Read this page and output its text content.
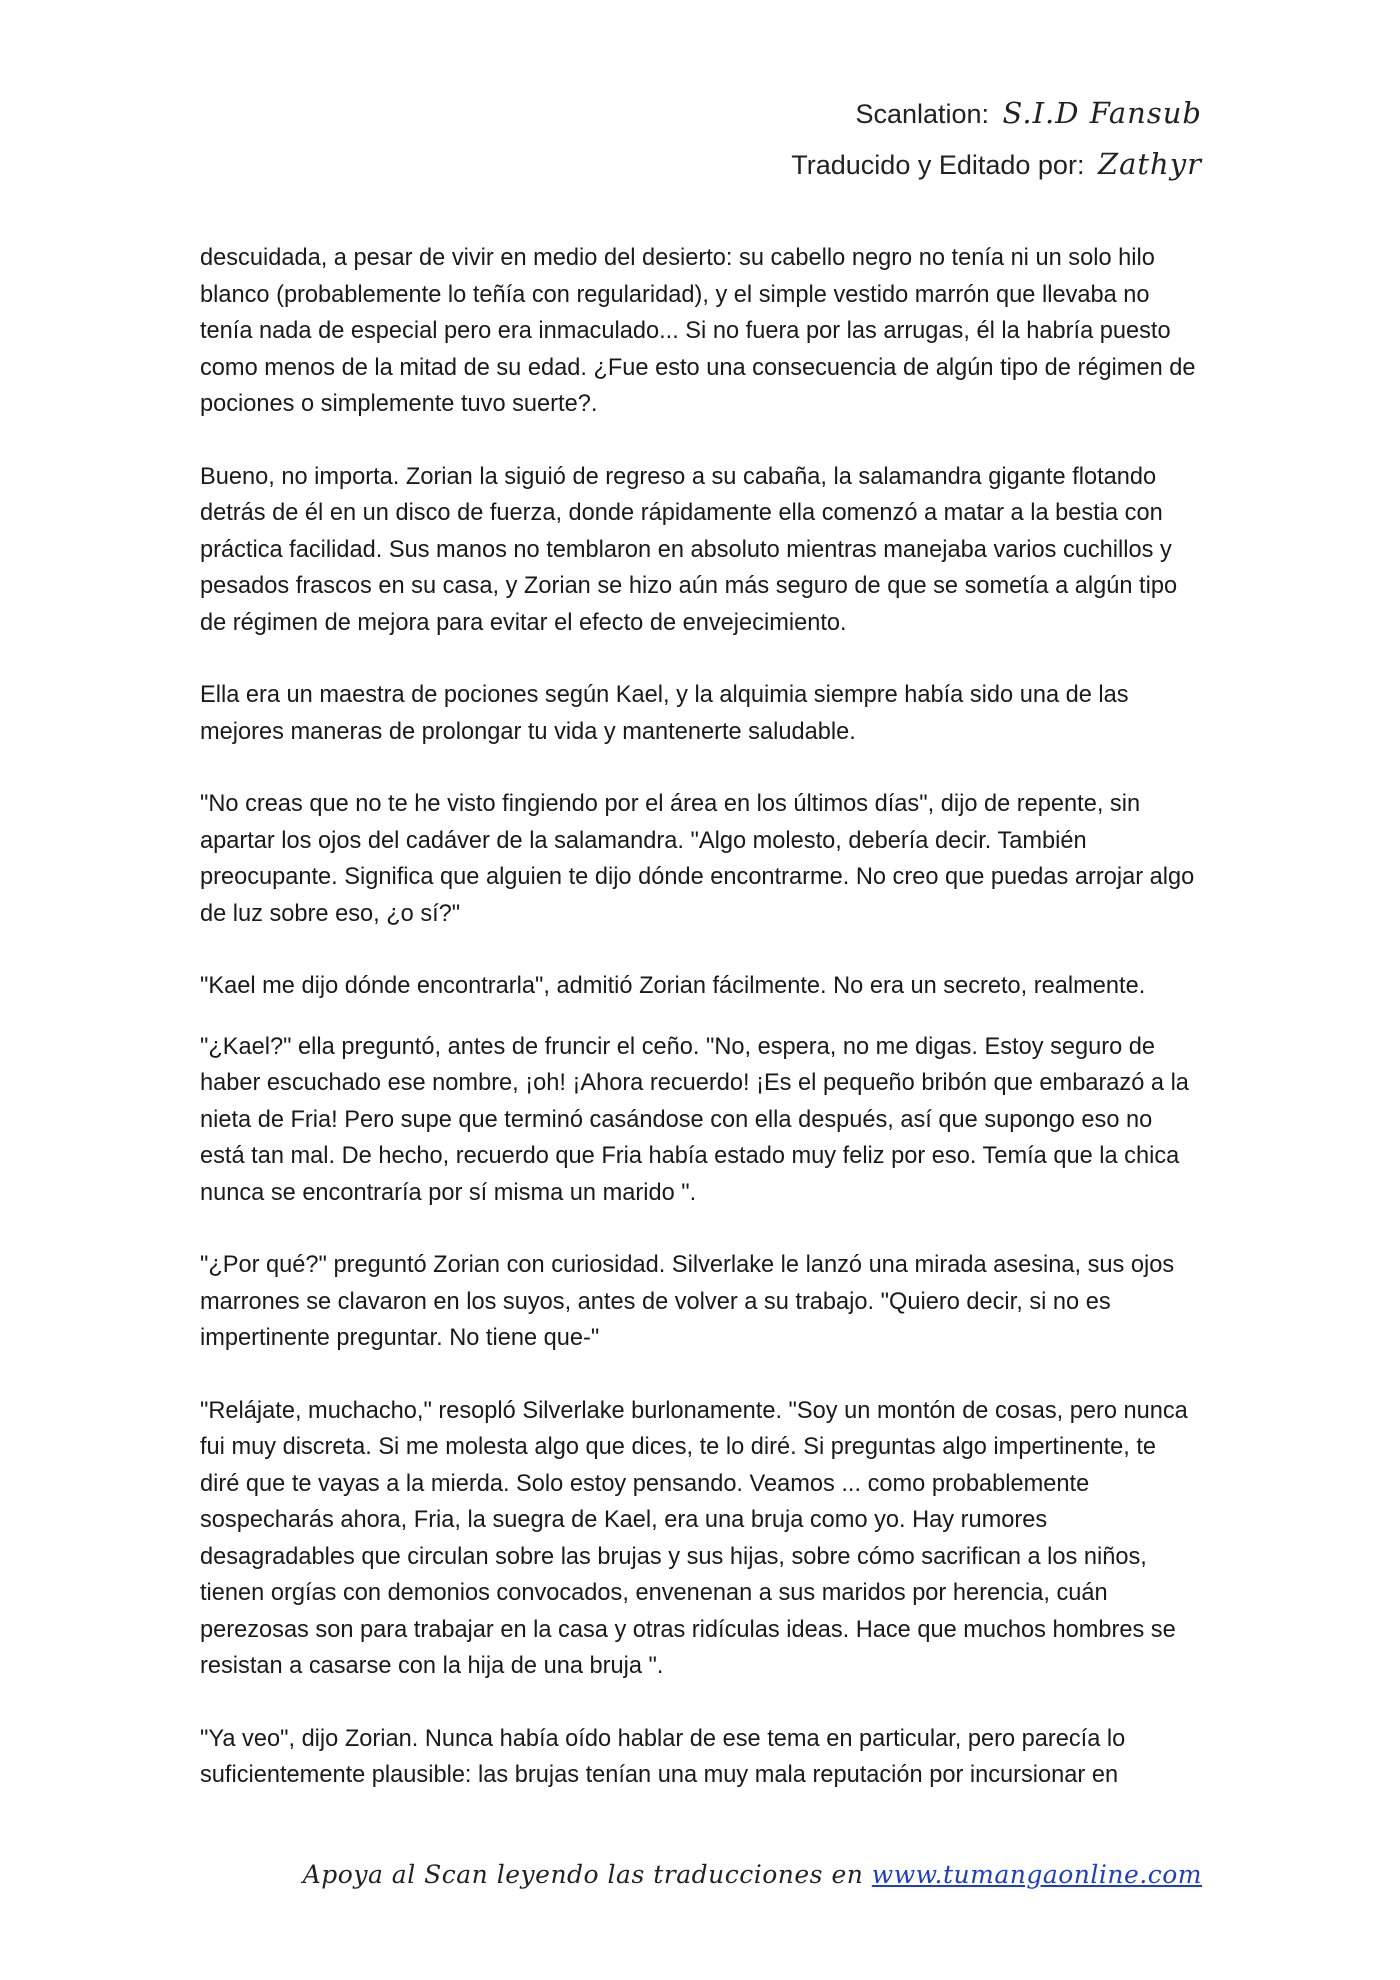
Scanlation: S.I.D Fansub
Traducido y Editado por: Zathyr

descuidada, a pesar de vivir en medio del desierto: su cabello negro no tenía ni un solo hilo blanco (probablemente lo teñía con regularidad), y el simple vestido marrón que llevaba no tenía nada de especial pero era inmaculado... Si no fuera por las arrugas, él la habría puesto como menos de la mitad de su edad. ¿Fue esto una consecuencia de algún tipo de régimen de pociones o simplemente tuvo suerte?.

Bueno, no importa. Zorian la siguió de regreso a su cabaña, la salamandra gigante flotando detrás de él en un disco de fuerza, donde rápidamente ella comenzó a matar a la bestia con práctica facilidad. Sus manos no temblaron en absoluto mientras manejaba varios cuchillos y pesados frascos en su casa, y Zorian se hizo aún más seguro de que se sometía a algún tipo de régimen de mejora para evitar el efecto de envejecimiento.

Ella era un maestra de pociones según Kael, y la alquimia siempre había sido una de las mejores maneras de prolongar tu vida y mantenerte saludable.

"No creas que no te he visto fingiendo por el área en los últimos días", dijo de repente, sin apartar los ojos del cadáver de la salamandra. "Algo molesto, debería decir. También preocupante. Significa que alguien te dijo dónde encontrarme. No creo que puedas arrojar algo de luz sobre eso, ¿o sí?"

"Kael me dijo dónde encontrarla", admitió Zorian fácilmente. No era un secreto, realmente.

"¿Kael?" ella preguntó, antes de fruncir el ceño. "No, espera, no me digas. Estoy seguro de haber escuchado ese nombre, ¡oh! ¡Ahora recuerdo! ¡Es el pequeño bribón que embarazó a la nieta de Fria! Pero supe que terminó casándose con ella después, así que supongo eso no está tan mal. De hecho, recuerdo que Fria había estado muy feliz por eso. Temía que la chica nunca se encontraría por sí misma un marido ".

"¿Por qué?" preguntó Zorian con curiosidad. Silverlake le lanzó una mirada asesina, sus ojos marrones se clavaron en los suyos, antes de volver a su trabajo. "Quiero decir, si no es impertinente preguntar. No tiene que-"

"Relájate, muchacho," resopló Silverlake burlonamente. "Soy un montón de cosas, pero nunca fui muy discreta. Si me molesta algo que dices, te lo diré. Si preguntas algo impertinente, te diré que te vayas a la mierda. Solo estoy pensando. Veamos ... como probablemente sospecharás ahora, Fria, la suegra de Kael, era una bruja como yo. Hay rumores desagradables que circulan sobre las brujas y sus hijas, sobre cómo sacrifican a los niños, tienen orgías con demonios convocados, envenenan a sus maridos por herencia, cuán perezosas son para trabajar en la casa y otras ridículas ideas. Hace que muchos hombres se resistan a casarse con la hija de una bruja ".

"Ya veo", dijo Zorian. Nunca había oído hablar de ese tema en particular, pero parecía lo suficientemente plausible: las brujas tenían una muy mala reputación por incursionar en

Apoya al Scan leyendo las traducciones en www.tumangaonline.com
